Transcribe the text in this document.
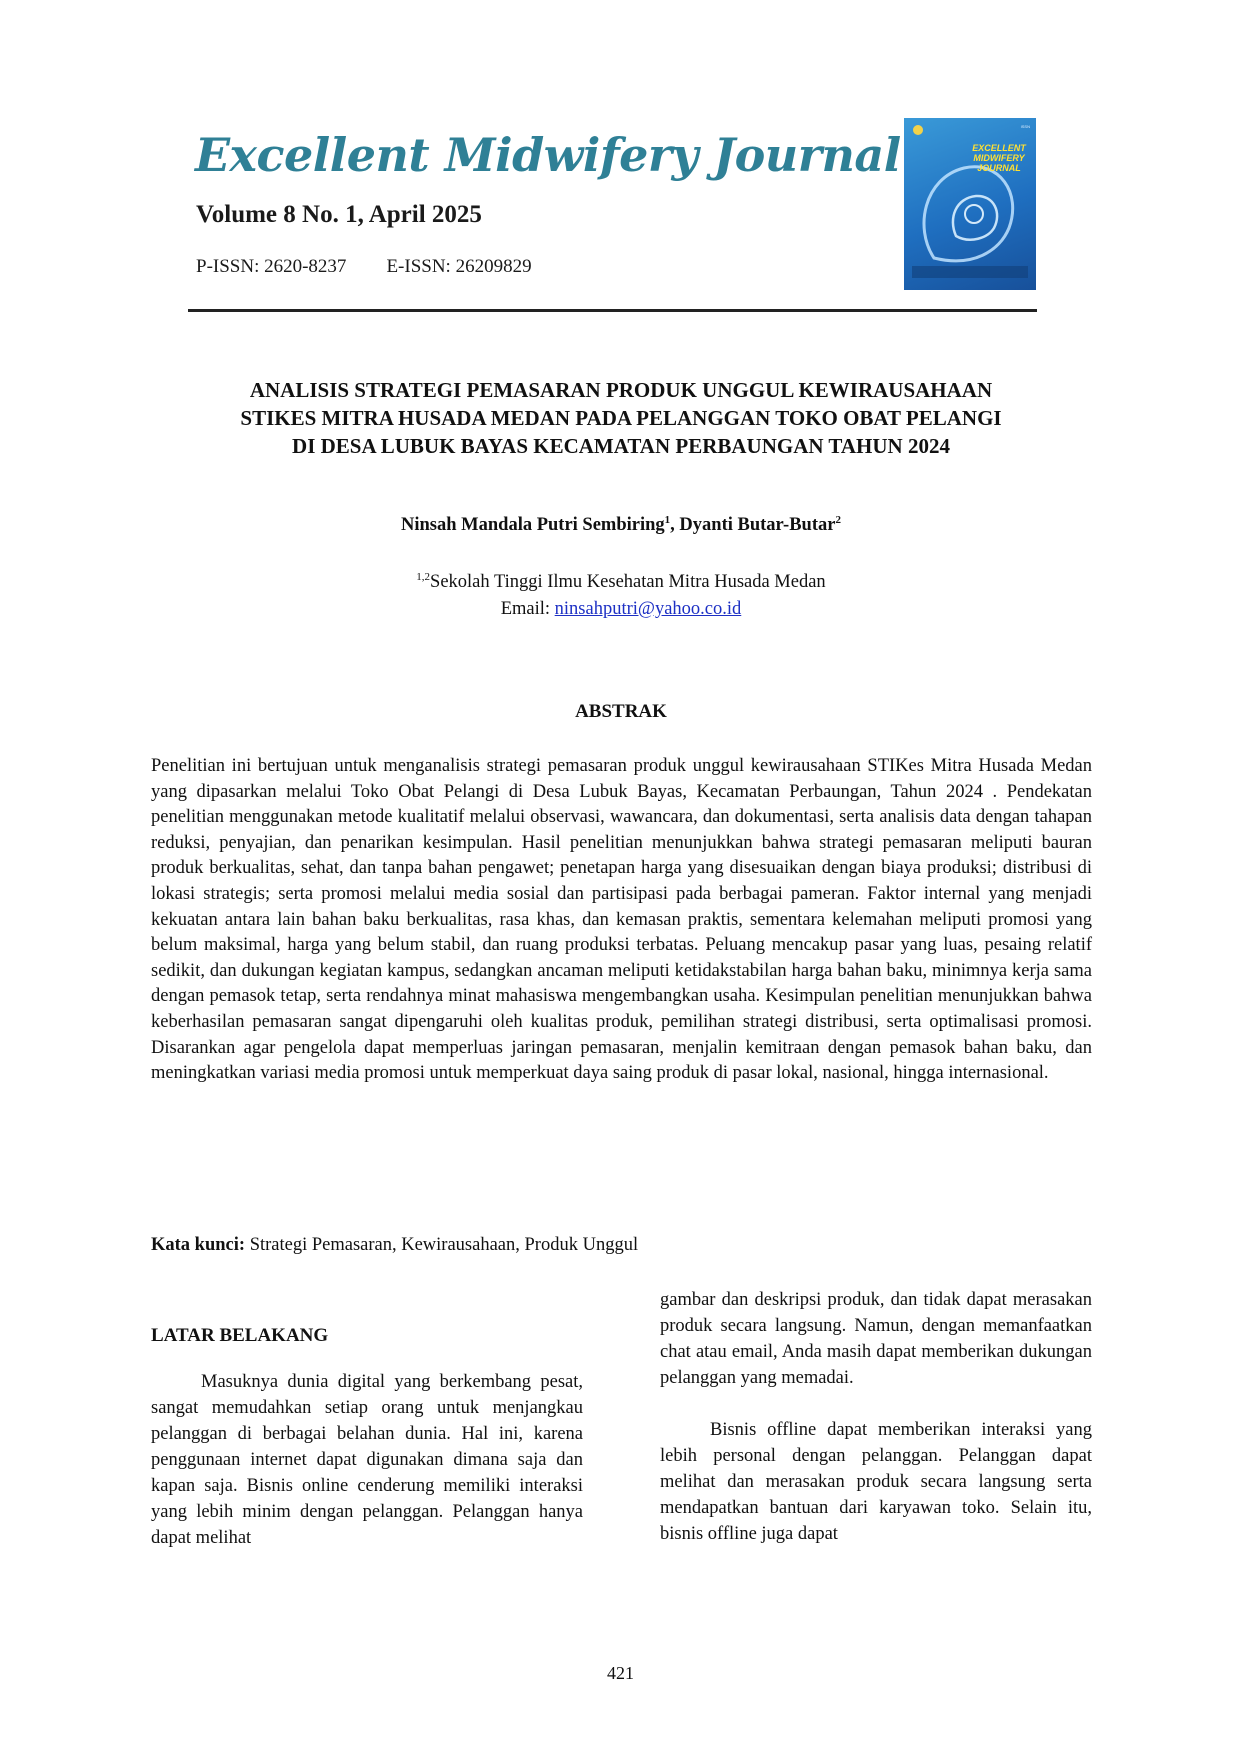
Excellent Midwifery Journal
Volume 8 No. 1, April 2025
P-ISSN: 2620-8237 E-ISSN: 26209829
ISSN
EXCELLENT
MIDWIFERY
JOURNAL
ANALISIS STRATEGI PEMASARAN PRODUK UNGGUL KEWIRAUSAHAAN
STIKES MITRA HUSADA MEDAN PADA PELANGGAN TOKO OBAT PELANGI
DI DESA LUBUK BAYAS KECAMATAN PERBAUNGAN TAHUN 2024
Ninsah Mandala Putri Sembiring$^1$, Dyanti Butar-Butar$^2$
$^{1,2}$Sekolah Tinggi Ilmu Kesehatan Mitra Husada Medan
Email: ninsahputri@yahoo.co.id
ABSTRAK

Penelitian ini bertujuan untuk menganalisis strategi pemasaran produk unggul kewirausahaan STIKes Mitra Husada Medan yang dipasarkan melalui Toko Obat Pelangi di Desa Lubuk Bayas, Kecamatan Perbaungan, Tahun 2024 . Pendekatan penelitian menggunakan metode kualitatif melalui observasi, wawancara, dan dokumentasi, serta analisis data dengan tahapan reduksi, penyajian, dan penarikan kesimpulan. Hasil penelitian menunjukkan bahwa strategi pemasaran meliputi bauran produk berkualitas, sehat, dan tanpa bahan pengawet; penetapan harga yang disesuaikan dengan biaya produksi; distribusi di lokasi strategis; serta promosi melalui media sosial dan partisipasi pada berbagai pameran. Faktor internal yang menjadi kekuatan antara lain bahan baku berkualitas, rasa khas, dan kemasan praktis, sementara kelemahan meliputi promosi yang belum maksimal, harga yang belum stabil, dan ruang produksi terbatas. Peluang mencakup pasar yang luas, pesaing relatif sedikit, dan dukungan kegiatan kampus, sedangkan ancaman meliputi ketidakstabilan harga bahan baku, minimnya kerja sama dengan pemasok tetap, serta rendahnya minat mahasiswa mengembangkan usaha. Kesimpulan penelitian menunjukkan bahwa keberhasilan pemasaran sangat dipengaruhi oleh kualitas produk, pemilihan strategi distribusi, serta optimalisasi promosi. Disarankan agar pengelola dapat memperluas jaringan pemasaran, menjalin kemitraan dengan pemasok bahan baku, dan meningkatkan variasi media promosi untuk memperkuat daya saing produk di pasar lokal, nasional, hingga internasional.

Kata kunci: Strategi Pemasaran, Kewirausahaan, Produk Unggul
LATAR BELAKANG

Masuknya dunia digital yang berkembang pesat, sangat memudahkan setiap orang untuk menjangkau pelanggan di berbagai belahan dunia. Hal ini, karena penggunaan internet dapat digunakan dimana saja dan kapan saja. Bisnis online cenderung memiliki interaksi yang lebih minim dengan pelanggan. Pelanggan hanya dapat melihat

gambar dan deskripsi produk, dan tidak dapat merasakan produk secara langsung. Namun, dengan memanfaatkan chat atau email, Anda masih dapat memberikan dukungan pelanggan yang memadai.

Bisnis offline dapat memberikan interaksi yang lebih personal dengan pelanggan. Pelanggan dapat melihat dan merasakan produk secara langsung serta mendapatkan bantuan dari karyawan toko. Selain itu, bisnis offline juga dapat

421
